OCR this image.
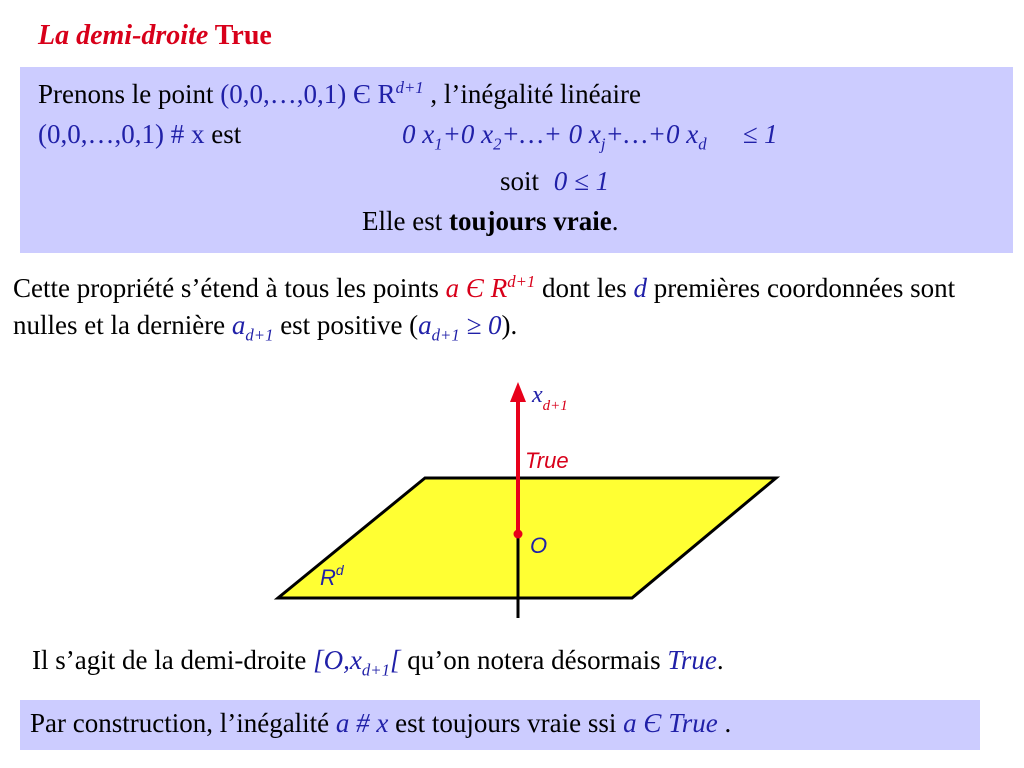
La demi-droite True
Prenons le point (0,0,…,0,1) Є $R^{d+1}$ , l’inégalité linéaire
(0,0,…,0,1) # x est	0 $x_1+0$ $x_2+\dots+ 0$ $x_j+\dots+0$ $x_d \le 1$
soit 0 ≤ 1
Elle est toujours vraie.
Cette propriété s’étend à tous les points a Є $R^{d+1}$ dont les d premières coordonnées sont nulles et la dernière $a_{d+1}$ est positive $(a_{d+1} \ge 0)$.
$x_{d+1}$
True
O
$R^d$
Il s’agit de la demi-droite [$O,x_{d+1}$[ qu’on notera désormais True.
Par construction, l’inégalité a # x est toujours vraie ssi a Є True .
